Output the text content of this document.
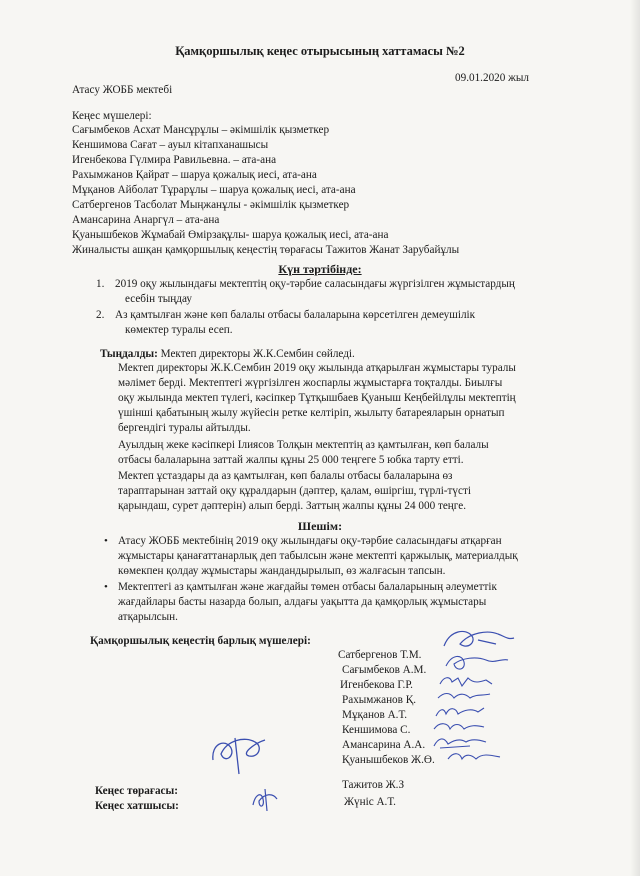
Қамқоршылық кеңес отырысының хаттамасы №2
09.01.2020 жыл
Атасу ЖОББ мектебі
Кеңес мүшелері:
Сағымбеков Асхат Мансұрұлы – әкімшілік қызметкер
Кеншимова Сағат – ауыл кітапханашысы
Игенбекова Гүлмира Равильевна. – ата-ана
Рахымжанов Қайрат – шаруа қожалық иесі, ата-ана
Мұқанов Айболат Тұрарұлы – шаруа қожалық иесі, ата-ана
Сатбергенов Тасболат Мыңжанұлы - әкімшілік қызметкер
Амансарина Анаргүл – ата-ана
Қуанышбеков Жұмабай Өмірзақұлы- шаруа қожалық иесі, ата-ана
Жиналысты ашқан қамқоршылық кеңестің төрағасы Тажитов Жанат Зарубайұлы
Күн тәртібінде:
1. 2019 оқу жылындағы мектептің оқу-тәрбие саласындағы жүргізілген жұмыстардың
есебін тыңдау
2. Аз қамтылған және көп балалы отбасы балаларына көрсетілген демеушілік
көмектер туралы есеп.
Тыңдалды: Мектеп директоры Ж.К.Сембин сөйледі.
Мектеп директоры Ж.К.Сембин 2019 оқу жылында атқарылған жұмыстары туралы
мәлімет берді. Мектептегі жүргізілген жоспарлы жұмыстарға тоқталды. Биылғы
оқу жылында мектеп түлегі, кәсіпкер Тұтқышбаев Қуаныш Кеңбейілұлы мектептің
үшінші қабатының жылу жүйесін ретке келтіріп, жылыту батареяларын орнатып
бергендігі туралы айтылды.
Ауылдың жеке кәсіпкері Ілиясов Толқын мектептің аз қамтылған, көп балалы
отбасы балаларына заттай жалпы құны 25 000 теңгеге 5 юбка тарту етті.
Мектеп ұстаздары да аз қамтылған, көп балалы отбасы балаларына өз
тараптарынан заттай оқу құралдарын (дәптер, қалам, өшіргіш, түрлі-түсті
қарындаш, сурет дәптерін) алып берді. Заттың жалпы құны 24 000 теңге.
Шешім:
• Атасу ЖОББ мектебінің 2019 оқу жылындағы оқу-тәрбие саласындағы атқарған
жұмыстары қанағаттанарлық деп табылсын және мектепті қаржылық, материалдық
көмекпен қолдау жұмыстары жандандырылып, өз жалғасын тапсын.
• Мектептегі аз қамтылған және жағдайы төмен отбасы балаларының әлеуметтік
жағдайлары басты назарда болып, алдағы уақытта да қамқорлық жұмыстары
атқарылсын.
Қамқоршылық кеңестің барлық мүшелері:
Сатбергенов Т.М.
Сағымбеков А.М.
Игенбекова Г.Р.
Рахымжанов Қ.
Мұқанов А.Т.
Кеншимова С.
Амансарина А.А.
Қуанышбеков Ж.Ө.
Кеңес төрағасы:	Тажитов Ж.З
Кеңес хатшысы:	Жүніс А.Т.
